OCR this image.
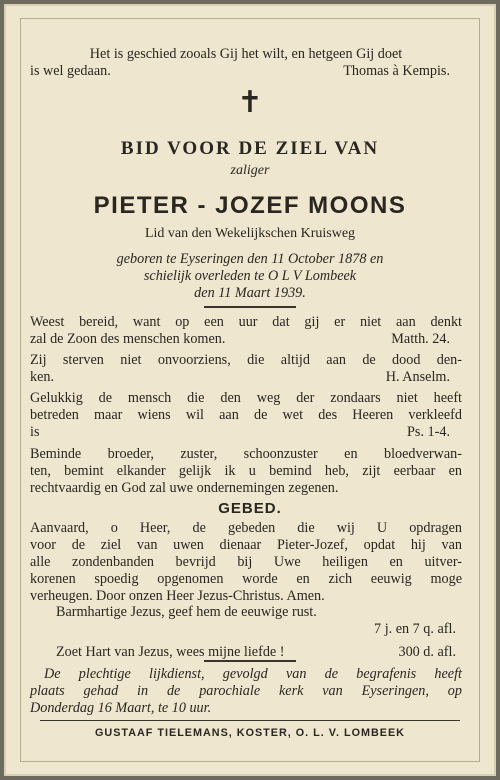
Het is geschied zooals Gij het wilt, en hetgeen Gij doet
is wel gedaan.	Thomas à Kempis.
✝
BID VOOR DE ZIEL VAN
zaliger
PIETER - JOZEF MOONS
Lid van den Wekelijkschen Kruisweg
geboren te Eyseringen den 11 October 1878 en
schielijk overleden te O L V Lombeek
den 11 Maart 1939.
Weest bereid, want op een uur dat gij er niet aan denkt
zal de Zoon des menschen komen.	Matth. 24.
Zij sterven niet onvoorziens, die altijd aan de dood den-
ken.	H. Anselm.
Gelukkig de mensch die den weg der zondaars niet heeft
betreden maar wiens wil aan de wet des Heeren verkleefd
is	Ps. 1-4.
Beminde broeder, zuster, schoonzuster en bloedverwan-
ten, bemint elkander gelijk ik u bemind heb, zijt eerbaar en
rechtvaardig en God zal uwe ondernemingen zegenen.
GEBED.
Aanvaard, o Heer, de gebeden die wij U opdragen
voor de ziel van uwen dienaar Pieter-Jozef, opdat hij van
alle zondenbanden bevrijd bij Uwe heiligen en uitver-
korenen spoedig opgenomen worde en zich eeuwig moge
verheugen. Door onzen Heer Jezus-Christus. Amen.
Barmhartige Jezus, geef hem de eeuwige rust.
7 j. en 7 q. afl.
Zoet Hart van Jezus, wees mijne liefde !	300 d. afl.
De plechtige lijkdienst, gevolgd van de begrafenis heeft
plaats gehad in de parochiale kerk van Eyseringen, op
Donderdag 16 Maart, te 10 uur.
GUSTAAF TIELEMANS, KOSTER, O. L. V. LOMBEEK
